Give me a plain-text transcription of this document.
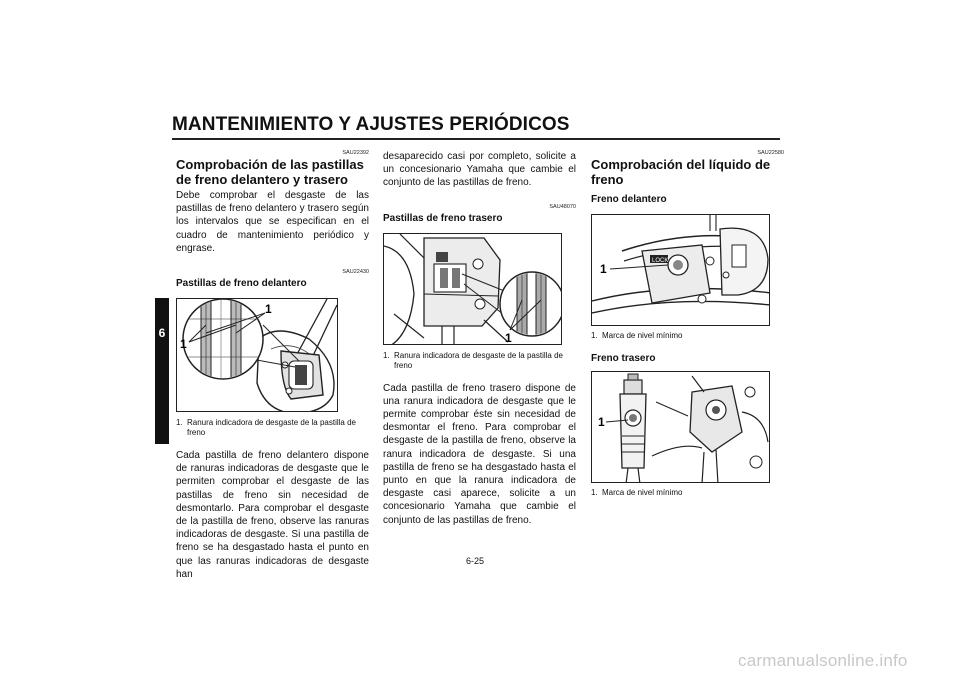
MANTENIMIENTO Y AJUSTES PERIÓDICOS
6
SAU22392
Comprobación de las pastillas de freno delantero y trasero
Debe comprobar el desgaste de las pastillas de freno delantero y trasero según los intervalos que se especifican en el cuadro de mantenimiento periódico y engrase.
SAU22430
Pastillas de freno delantero
1
1
1. Ranura indicadora de desgaste de la pastilla de freno
Cada pastilla de freno delantero dispone de ranuras indicadoras de desgaste que le permiten comprobar el desgaste de las pastillas de freno sin necesidad de desmontarlo. Para comprobar el desgaste de la pastilla de freno, observe las ranuras indicadoras de desgaste. Si una pastilla de freno se ha desgastado hasta el punto en que las ranuras indicadoras de desgaste han
desaparecido casi por completo, solicite a un concesionario Yamaha que cambie el conjunto de las pastillas de freno.
SAU48070
Pastillas de freno trasero
1
1. Ranura indicadora de desgaste de la pastilla de freno
Cada pastilla de freno trasero dispone de una ranura indicadora de desgaste que le permite comprobar éste sin necesidad de desmontar el freno. Para comprobar el desgaste de la pastilla de freno, observe la ranura indicadora de desgaste. Si una pastilla de freno se ha desgastado hasta el punto en que la ranura indicadora de desgaste casi aparece, solicite a un concesionario Yamaha que cambie el conjunto de las pastillas de freno.
SAU22580
Comprobación del líquido de freno
Freno delantero
LOCK
1
1. Marca de nivel mínimo
Freno trasero
1
1. Marca de nivel mínimo
6-25
carmanualsonline.info
